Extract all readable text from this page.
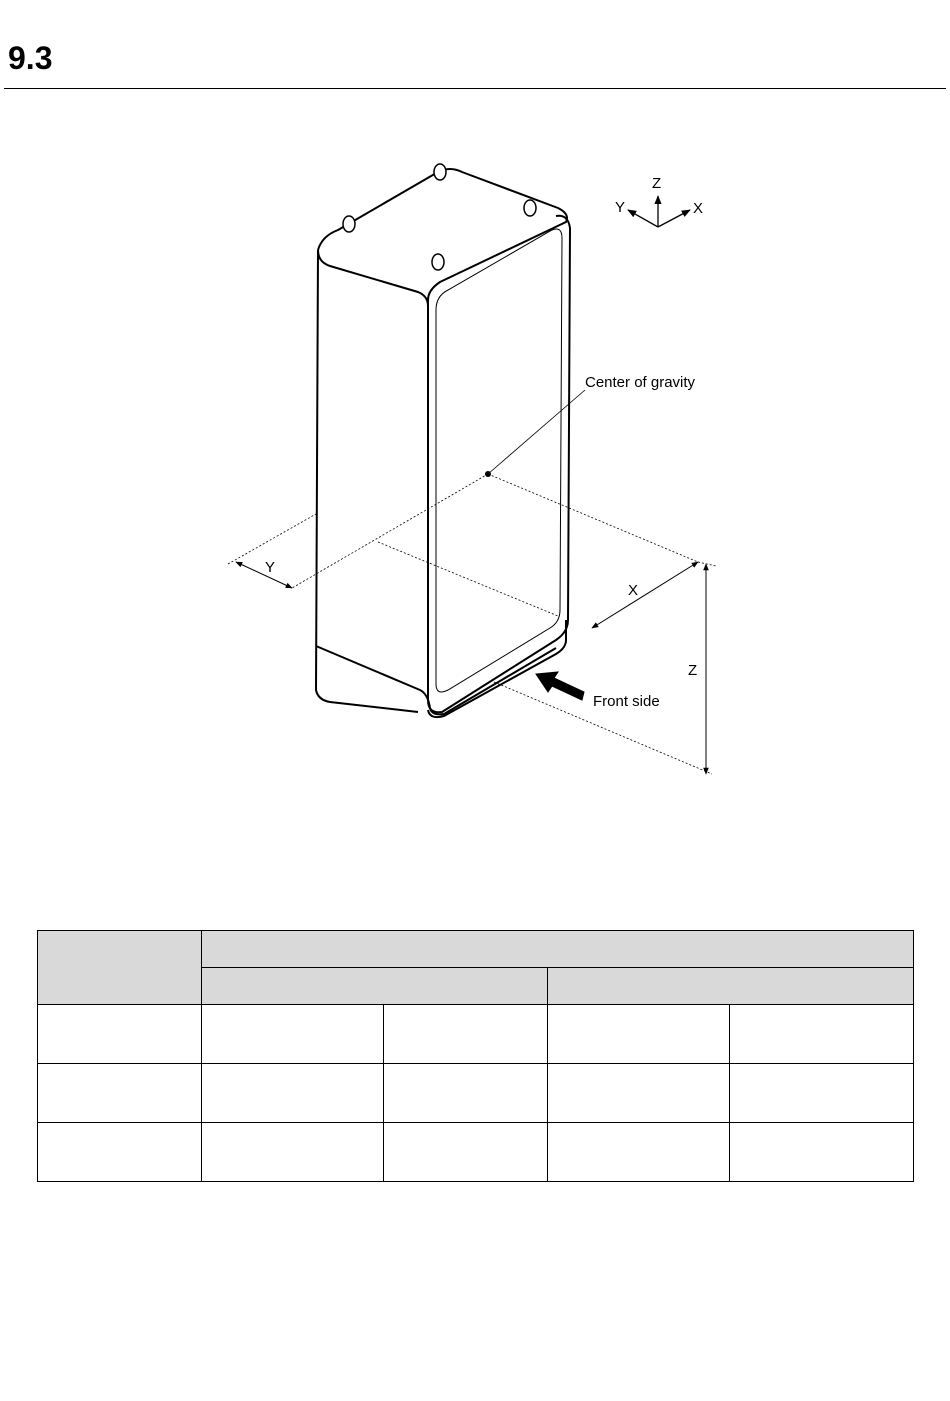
9.3
Z
Y	X
Center of gravity
Y
X
Z
Front side
